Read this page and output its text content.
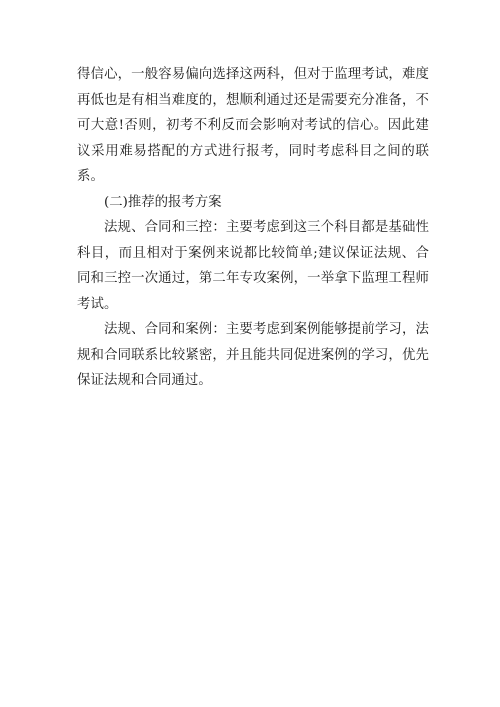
得信心，一般容易偏向选择这两科，但对于监理考试，难度再低也是有相当难度的，想顺利通过还是需要充分准备，不可大意!否则，初考不利反而会影响对考试的信心。因此建议采用难易搭配的方式进行报考，同时考虑科目之间的联系。

(二)推荐的报考方案

法规、合同和三控：主要考虑到这三个科目都是基础性科目，而且相对于案例来说都比较简单;建议保证法规、合同和三控一次通过，第二年专攻案例，一举拿下监理工程师考试。

法规、合同和案例：主要考虑到案例能够提前学习，法规和合同联系比较紧密，并且能共同促进案例的学习，优先保证法规和合同通过。
